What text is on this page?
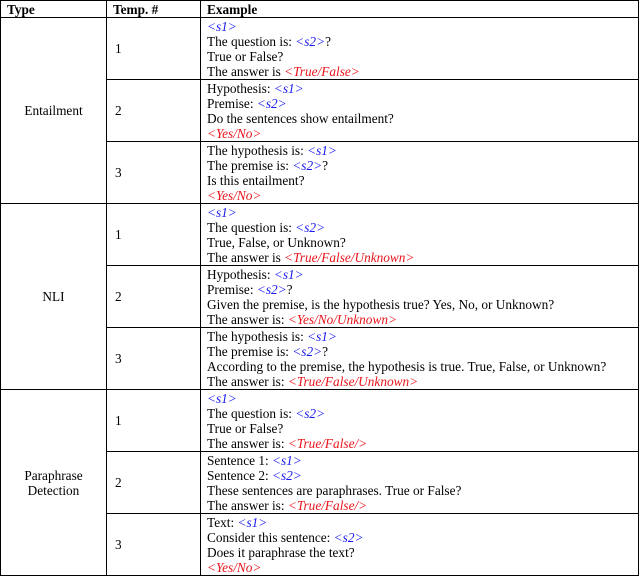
Type	Temp. #	Example
Entailment	1	<s1>
The question is: <s2>?
True or False?
The answer is <True/False>

	2	Hypothesis: <s1>
Premise: <s2>
Do the sentences show entailment?
<Yes/No>

	3	The hypothesis is: <s1>
The premise is: <s2>?
Is this entailment?
<Yes/No>

NLI	1	<s1>
The question is: <s2>
True, False, or Unknown?
The answer is <True/False/Unknown>

	2	Hypothesis: <s1>
Premise: <s2>?
Given the premise, is the hypothesis true? Yes, No, or Unknown?
The answer is: <Yes/No/Unknown>

	3	The hypothesis is: <s1>
The premise is: <s2>?
According to the premise, the hypothesis is true. True, False, or Unknown?
The answer is: <True/False/Unknown>

Paraphrase Detection	1	<s1>
The question is: <s2>
True or False?
The answer is: <True/False/>

	2	Sentence 1: <s1>
Sentence 2: <s2>
These sentences are paraphrases. True or False?
The answer is: <True/False/>

	3	Text: <s1>
Consider this sentence: <s2>
Does it paraphrase the text?
<Yes/No>
